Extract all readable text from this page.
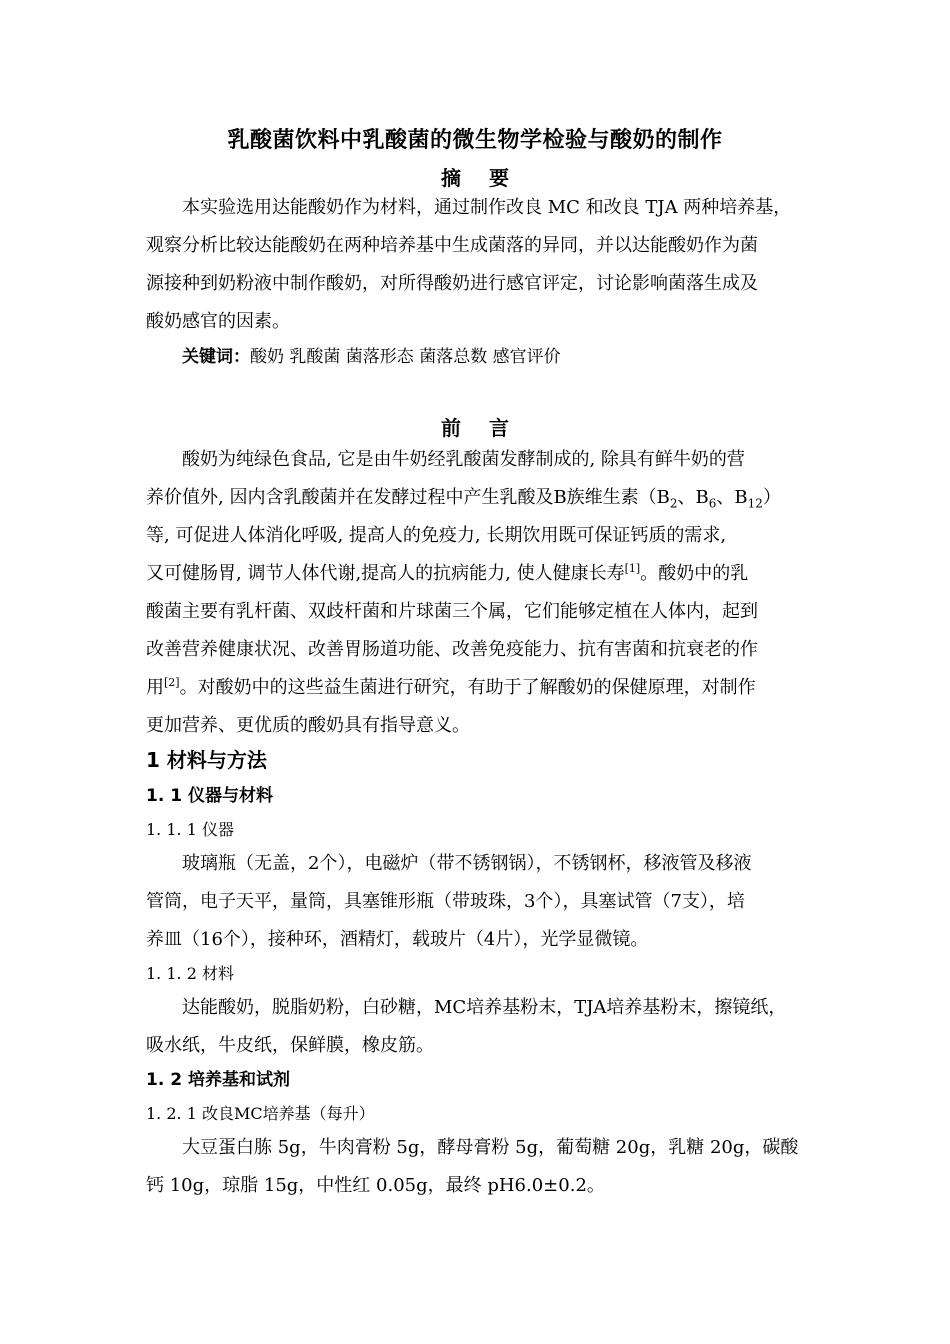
乳酸菌饮料中乳酸菌的微生物学检验与酸奶的制作
摘要
本实验选用达能酸奶作为材料，通过制作改良 MC 和改良 TJA 两种培养基，
观察分析比较达能酸奶在两种培养基中生成菌落的异同，并以达能酸奶作为菌
源接种到奶粉液中制作酸奶，对所得酸奶进行感官评定，讨论影响菌落生成及
酸奶感官的因素。
关键词：酸奶 乳酸菌 菌落形态 菌落总数 感官评价
前言
酸奶为纯绿色食品, 它是由牛奶经乳酸菌发酵制成的, 除具有鲜牛奶的营
养价值外, 因内含乳酸菌并在发酵过程中产生乳酸及B族维生素（$B_2$、$B_6$、$B_{12}$）
等, 可促进人体消化呼吸, 提高人的免疫力, 长期饮用既可保证钙质的需求,
又可健肠胃, 调节人体代谢,提高人的抗病能力, 使人健康长寿[1]。酸奶中的乳
酸菌主要有乳杆菌、双歧杆菌和片球菌三个属，它们能够定植在人体内，起到
改善营养健康状况、改善胃肠道功能、改善免疫能力、抗有害菌和抗衰老的作
用[2]。对酸奶中的这些益生菌进行研究，有助于了解酸奶的保健原理，对制作
更加营养、更优质的酸奶具有指导意义。
1 材料与方法
1. 1 仪器与材料
1. 1. 1 仪器
玻璃瓶（无盖，2个），电磁炉（带不锈钢锅），不锈钢杯，移液管及移液
管筒，电子天平，量筒，具塞锥形瓶（带玻珠，3个），具塞试管（7支），培
养皿（16个），接种环，酒精灯，载玻片（4片），光学显微镜。
1. 1. 2 材料
达能酸奶，脱脂奶粉，白砂糖，MC培养基粉末，TJA培养基粉末，擦镜纸，
吸水纸，牛皮纸，保鲜膜，橡皮筋。
1. 2 培养基和试剂
1. 2. 1 改良MC培养基（每升）
大豆蛋白胨 5g，牛肉膏粉 5g，酵母膏粉 5g，葡萄糖 20g，乳糖 20g，碳酸
钙 10g，琼脂 15g，中性红 0.05g，最终 pH6.0±0.2。
